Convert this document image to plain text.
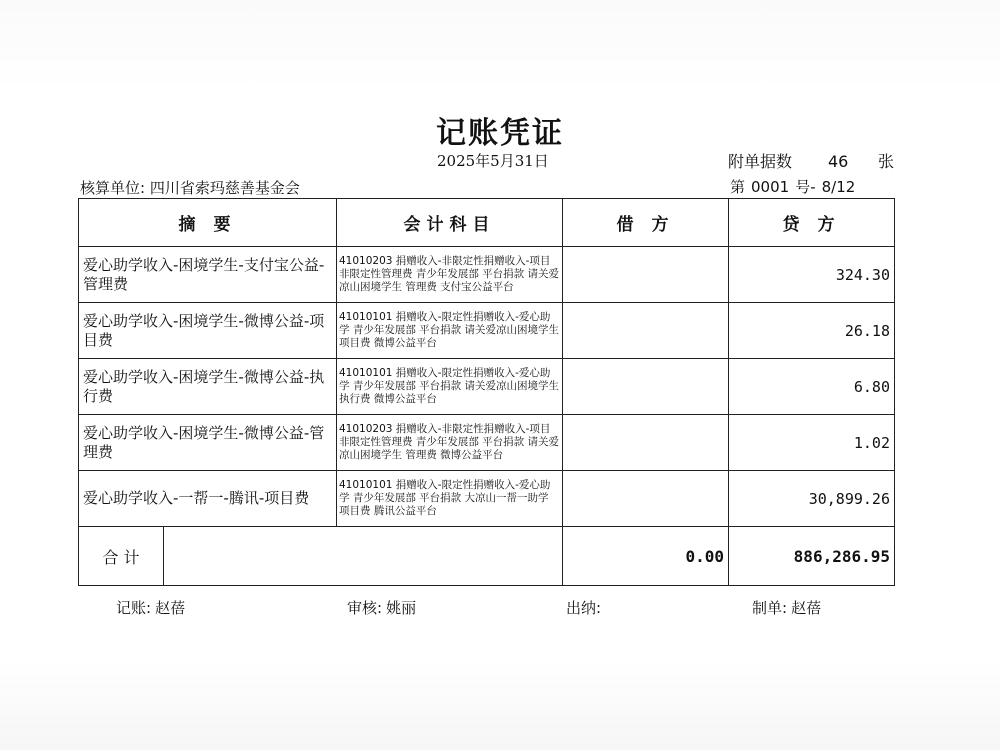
记账凭证
2025年5月31日	附单据数 46 张
核算单位: 四川省索玛慈善基金会	第 0001 号- 8/12
摘 要	会计科目	借 方	贷 方
爱心助学收入-困境学生-支付宝公益-管理费	41010203 捐赠收入-非限定性捐赠收入-项目非限定性管理费 青少年发展部 平台捐款 请关爱凉山困境学生 管理费 支付宝公益平台		324.30
爱心助学收入-困境学生-微博公益-项目费	41010101 捐赠收入-限定性捐赠收入-爱心助学 青少年发展部 平台捐款 请关爱凉山困境学生 项目费 微博公益平台		26.18
爱心助学收入-困境学生-微博公益-执行费	41010101 捐赠收入-限定性捐赠收入-爱心助学 青少年发展部 平台捐款 请关爱凉山困境学生 执行费 微博公益平台		6.80
爱心助学收入-困境学生-微博公益-管理费	41010203 捐赠收入-非限定性捐赠收入-项目非限定性管理费 青少年发展部 平台捐款 请关爱凉山困境学生 管理费 微博公益平台		1.02
爱心助学收入-一帮一-腾讯-项目费	41010101 捐赠收入-限定性捐赠收入-爱心助学 青少年发展部 平台捐款 大凉山一帮一助学 项目费 腾讯公益平台		30,899.26

合 计		0.00	886,286.95
记账: 赵蓓	审核: 姚丽	出纳:	制单: 赵蓓
